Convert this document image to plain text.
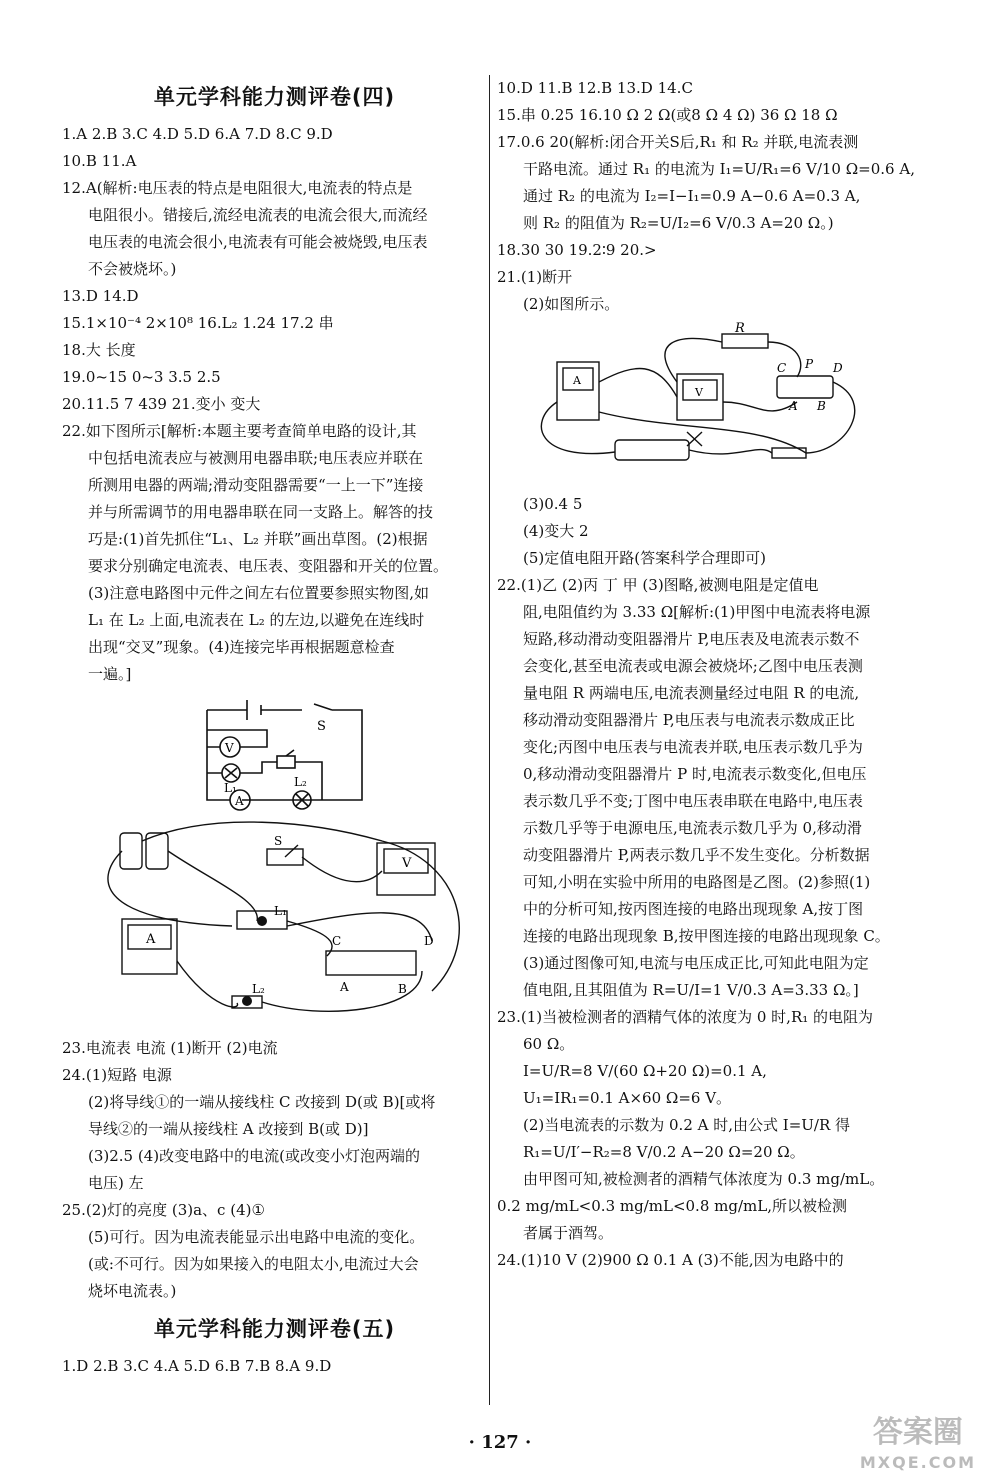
单元学科能力测评卷(四)
1.A 2.B 3.C 4.D 5.D 6.A 7.D 8.C 9.D
10.B 11.A
12.A(解析:电压表的特点是电阻很大,电流表的特点是
电阻很小。错接后,流经电流表的电流会很大,而流经
电压表的电流会很小,电流表有可能会被烧毁,电压表
不会被烧坏。)
13.D 14.D
15.1×10⁻⁴ 2×10⁸ 16.L₂ 1.24 17.2 串
18.大 长度
19.0~15 0~3 3.5 2.5
20.11.5 7 439 21.变小 变大
22.如下图所示[解析:本题主要考查简单电路的设计,其
中包括电流表应与被测用电器串联;电压表应并联在
所测用电器的两端;滑动变阻器需要“一上一下”连接
并与所需调节的用电器串联在同一支路上。解答的技
巧是:(1)首先抓住“L₁、L₂ 并联”画出草图。(2)根据
要求分别确定电流表、电压表、变阻器和开关的位置。
(3)注意电路图中元件之间左右位置要参照实物图,如
L₁ 在 L₂ 上面,电流表在 L₂ 的左边,以避免在连线时
出现“交叉”现象。(4)连接完毕再根据题意检查
一遍。]
S
V
L₁
A
L₂
S
V
A
L₁
L₂
C	D
A	B
23.电流表 电流 (1)断开 (2)电流
24.(1)短路 电源
(2)将导线①的一端从接线柱 C 改接到 D(或 B)[或将
导线②的一端从接线柱 A 改接到 B(或 D)]
(3)2.5 (4)改变电路中的电流(或改变小灯泡两端的
电压) 左
25.(2)灯的亮度 (3)a、c (4)①
(5)可行。因为电流表能显示出电路中电流的变化。
(或:不可行。因为如果接入的电阻太小,电流过大会
烧坏电流表。)
单元学科能力测评卷(五)
1.D 2.B 3.C 4.A 5.D 6.B 7.B 8.A 9.D
10.D 11.B 12.B 13.D 14.C
15.串 0.25 16.10 Ω 2 Ω(或8 Ω 4 Ω) 36 Ω 18 Ω
17.0.6 20(解析:闭合开关S后,R₁ 和 R₂ 并联,电流表测
干路电流。通过 R₁ 的电流为 I₁=U/R₁=6 V/10 Ω=0.6 A,
通过 R₂ 的电流为 I₂=I−I₁=0.9 A−0.6 A=0.3 A,
则 R₂ 的阻值为 R₂=U/I₂=6 V/0.3 A=20 Ω。)
18.30 30 19.2∶9 20.>
21.(1)断开
(2)如图所示。
R
C P D
A B
A
V
(3)0.4 5
(4)变大 2
(5)定值电阻开路(答案科学合理即可)
22.(1)乙 (2)丙 丁 甲 (3)图略,被测电阻是定值电
阻,电阻值约为 3.33 Ω[解析:(1)甲图中电流表将电源
短路,移动滑动变阻器滑片 P,电压表及电流表示数不
会变化,甚至电流表或电源会被烧坏;乙图中电压表测
量电阻 R 两端电压,电流表测量经过电阻 R 的电流,
移动滑动变阻器滑片 P,电压表与电流表示数成正比
变化;丙图中电压表与电流表并联,电压表示数几乎为
0,移动滑动变阻器滑片 P 时,电流表示数变化,但电压
表示数几乎不变;丁图中电压表串联在电路中,电压表
示数几乎等于电源电压,电流表示数几乎为 0,移动滑
动变阻器滑片 P,两表示数几乎不发生变化。分析数据
可知,小明在实验中所用的电路图是乙图。(2)参照(1)
中的分析可知,按丙图连接的电路出现现象 A,按丁图
连接的电路出现现象 B,按甲图连接的电路出现现象 C。
(3)通过图像可知,电流与电压成正比,可知此电阻为定
值电阻,且其阻值为 R=U/I=1 V/0.3 A=3.33 Ω。]
23.(1)当被检测者的酒精气体的浓度为 0 时,R₁ 的电阻为
60 Ω。
I=U/R=8 V/(60 Ω+20 Ω)=0.1 A,
U₁=IR₁=0.1 A×60 Ω=6 V。
(2)当电流表的示数为 0.2 A 时,由公式 I=U/R 得
R₁=U/I′−R₂=8 V/0.2 A−20 Ω=20 Ω。
由甲图可知,被检测者的酒精气体浓度为 0.3 mg/mL。
0.2 mg/mL<0.3 mg/mL<0.8 mg/mL,所以被检测
者属于酒驾。
24.(1)10 V (2)900 Ω 0.1 A (3)不能,因为电路中的
· 127 ·	答案圈
MXQE.COM
